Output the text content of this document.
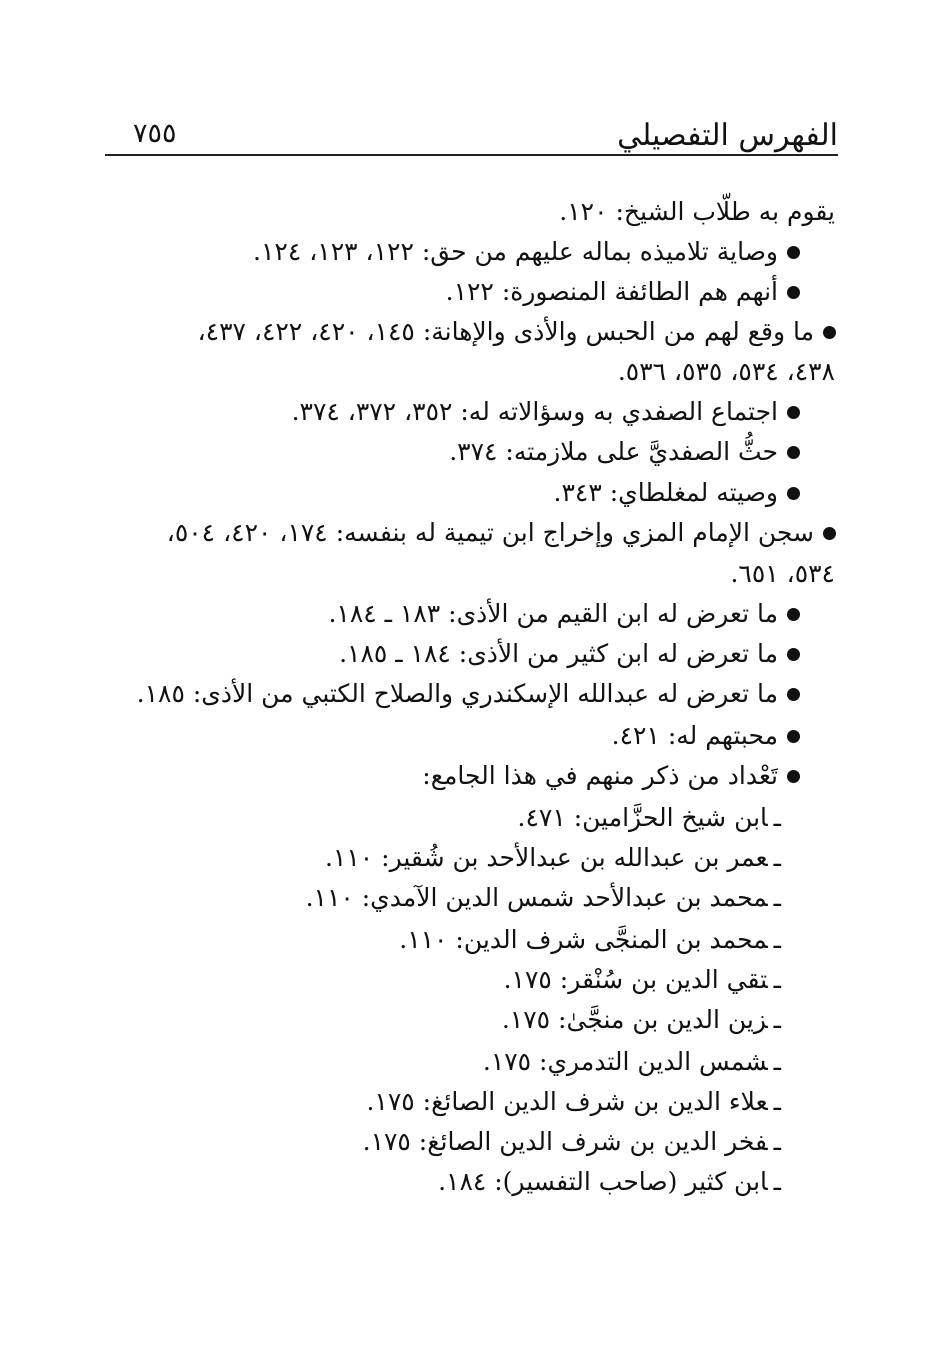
الفهرس التفصيلي
٧٥٥
يقوم به طلّاب الشيخ: ١٢٠.
وصاية تلاميذه بماله عليهم من حق: ١٢٢، ١٢٣، ١٢٤.
أنهم هم الطائفة المنصورة: ١٢٢.
ما وقع لهم من الحبس والأذى والإهانة: ١٤٥، ٤٢٠، ٤٢٢، ٤٣٧،
٤٣٨، ٥٣٤، ٥٣٥، ٥٣٦.
اجتماع الصفدي به وسؤالاته له: ٣٥٢، ٣٧٢، ٣٧٤.
حثُّ الصفديَّ على ملازمته: ٣٧٤.
وصيته لمغلطاي: ٣٤٣.
سجن الإمام المزي وإخراج ابن تيمية له بنفسه: ١٧٤، ٤٢٠، ٥٠٤،
٥٣٤، ٦٥١.
ما تعرض له ابن القيم من الأذى: ١٨٣ ـ ١٨٤.
ما تعرض له ابن كثير من الأذى: ١٨٤ ـ ١٨٥.
ما تعرض له عبدالله الإسكندري والصلاح الكتبي من الأذى: ١٨٥.
محبتهم له: ٤٢١.
تَعْداد من ذكر منهم في هذا الجامع:
ـابن شيخ الحزَّامين: ٤٧١.
ـعمر بن عبدالله بن عبدالأحد بن شُقير: ١١٠.
ـمحمد بن عبدالأحد شمس الدين الآمدي: ١١٠.
ـمحمد بن المنجَّى شرف الدين: ١١٠.
ـتقي الدين بن سُنْقر: ١٧٥.
ـزين الدين بن منجَّىٰ: ١٧٥.
ـشمس الدين التدمري: ١٧٥.
ـعلاء الدين بن شرف الدين الصائغ: ١٧٥.
ـفخر الدين بن شرف الدين الصائغ: ١٧٥.
ـابن كثير (صاحب التفسير): ١٨٤.
